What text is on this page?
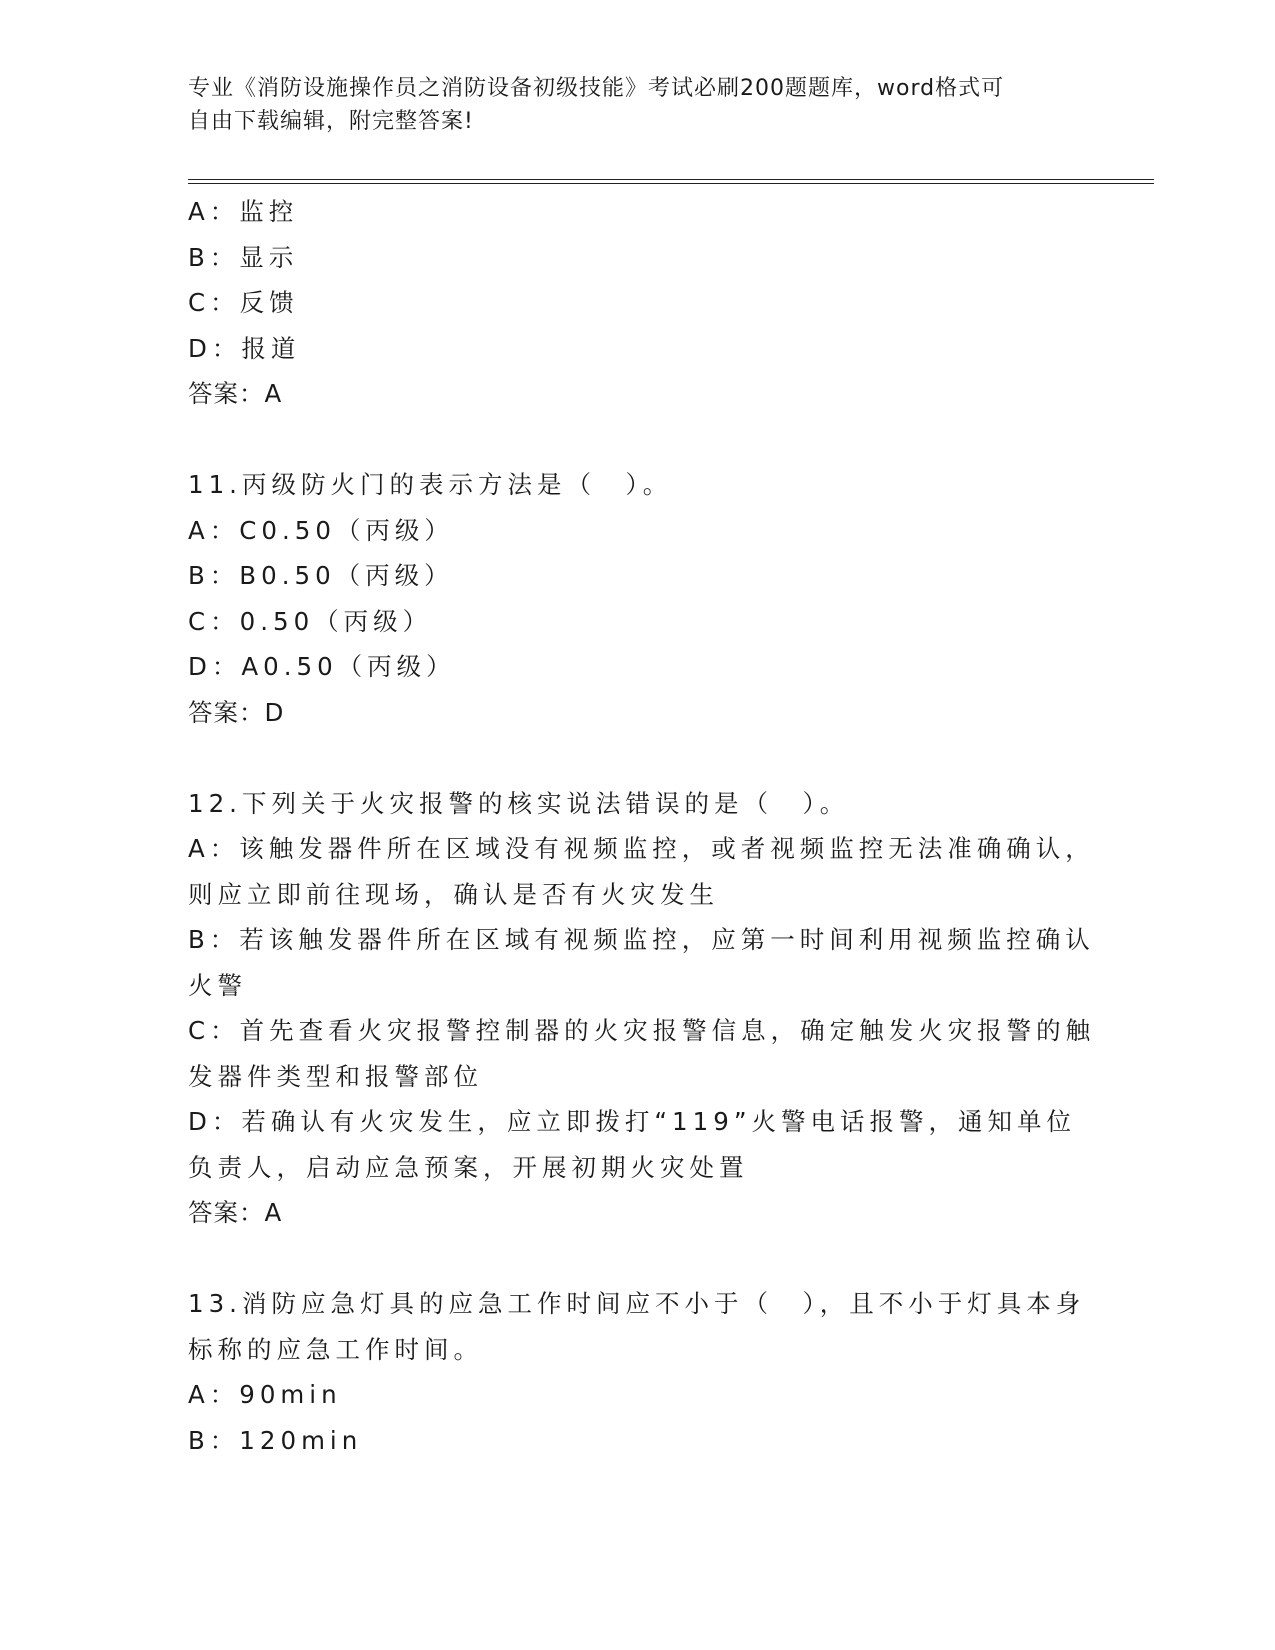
专业《消防设施操作员之消防设备初级技能》考试必刷200题题库，word格式可
自由下载编辑，附完整答案!
A：监控
B：显示
C：反馈
D：报道
答案：A
11.丙级防火门的表示方法是（　）。
A：C0.50（丙级）
B：B0.50（丙级）
C：0.50（丙级）
D：A0.50（丙级）
答案：D
12.下列关于火灾报警的核实说法错误的是（　）。
A：该触发器件所在区域没有视频监控，或者视频监控无法准确确认，
则应立即前往现场，确认是否有火灾发生
B：若该触发器件所在区域有视频监控，应第一时间利用视频监控确认
火警
C：首先查看火灾报警控制器的火灾报警信息，确定触发火灾报警的触
发器件类型和报警部位
D：若确认有火灾发生，应立即拨打“119”火警电话报警，通知单位
负责人，启动应急预案，开展初期火灾处置
答案：A
13.消防应急灯具的应急工作时间应不小于（　），且不小于灯具本身
标称的应急工作时间。
A：90min
B：120min
